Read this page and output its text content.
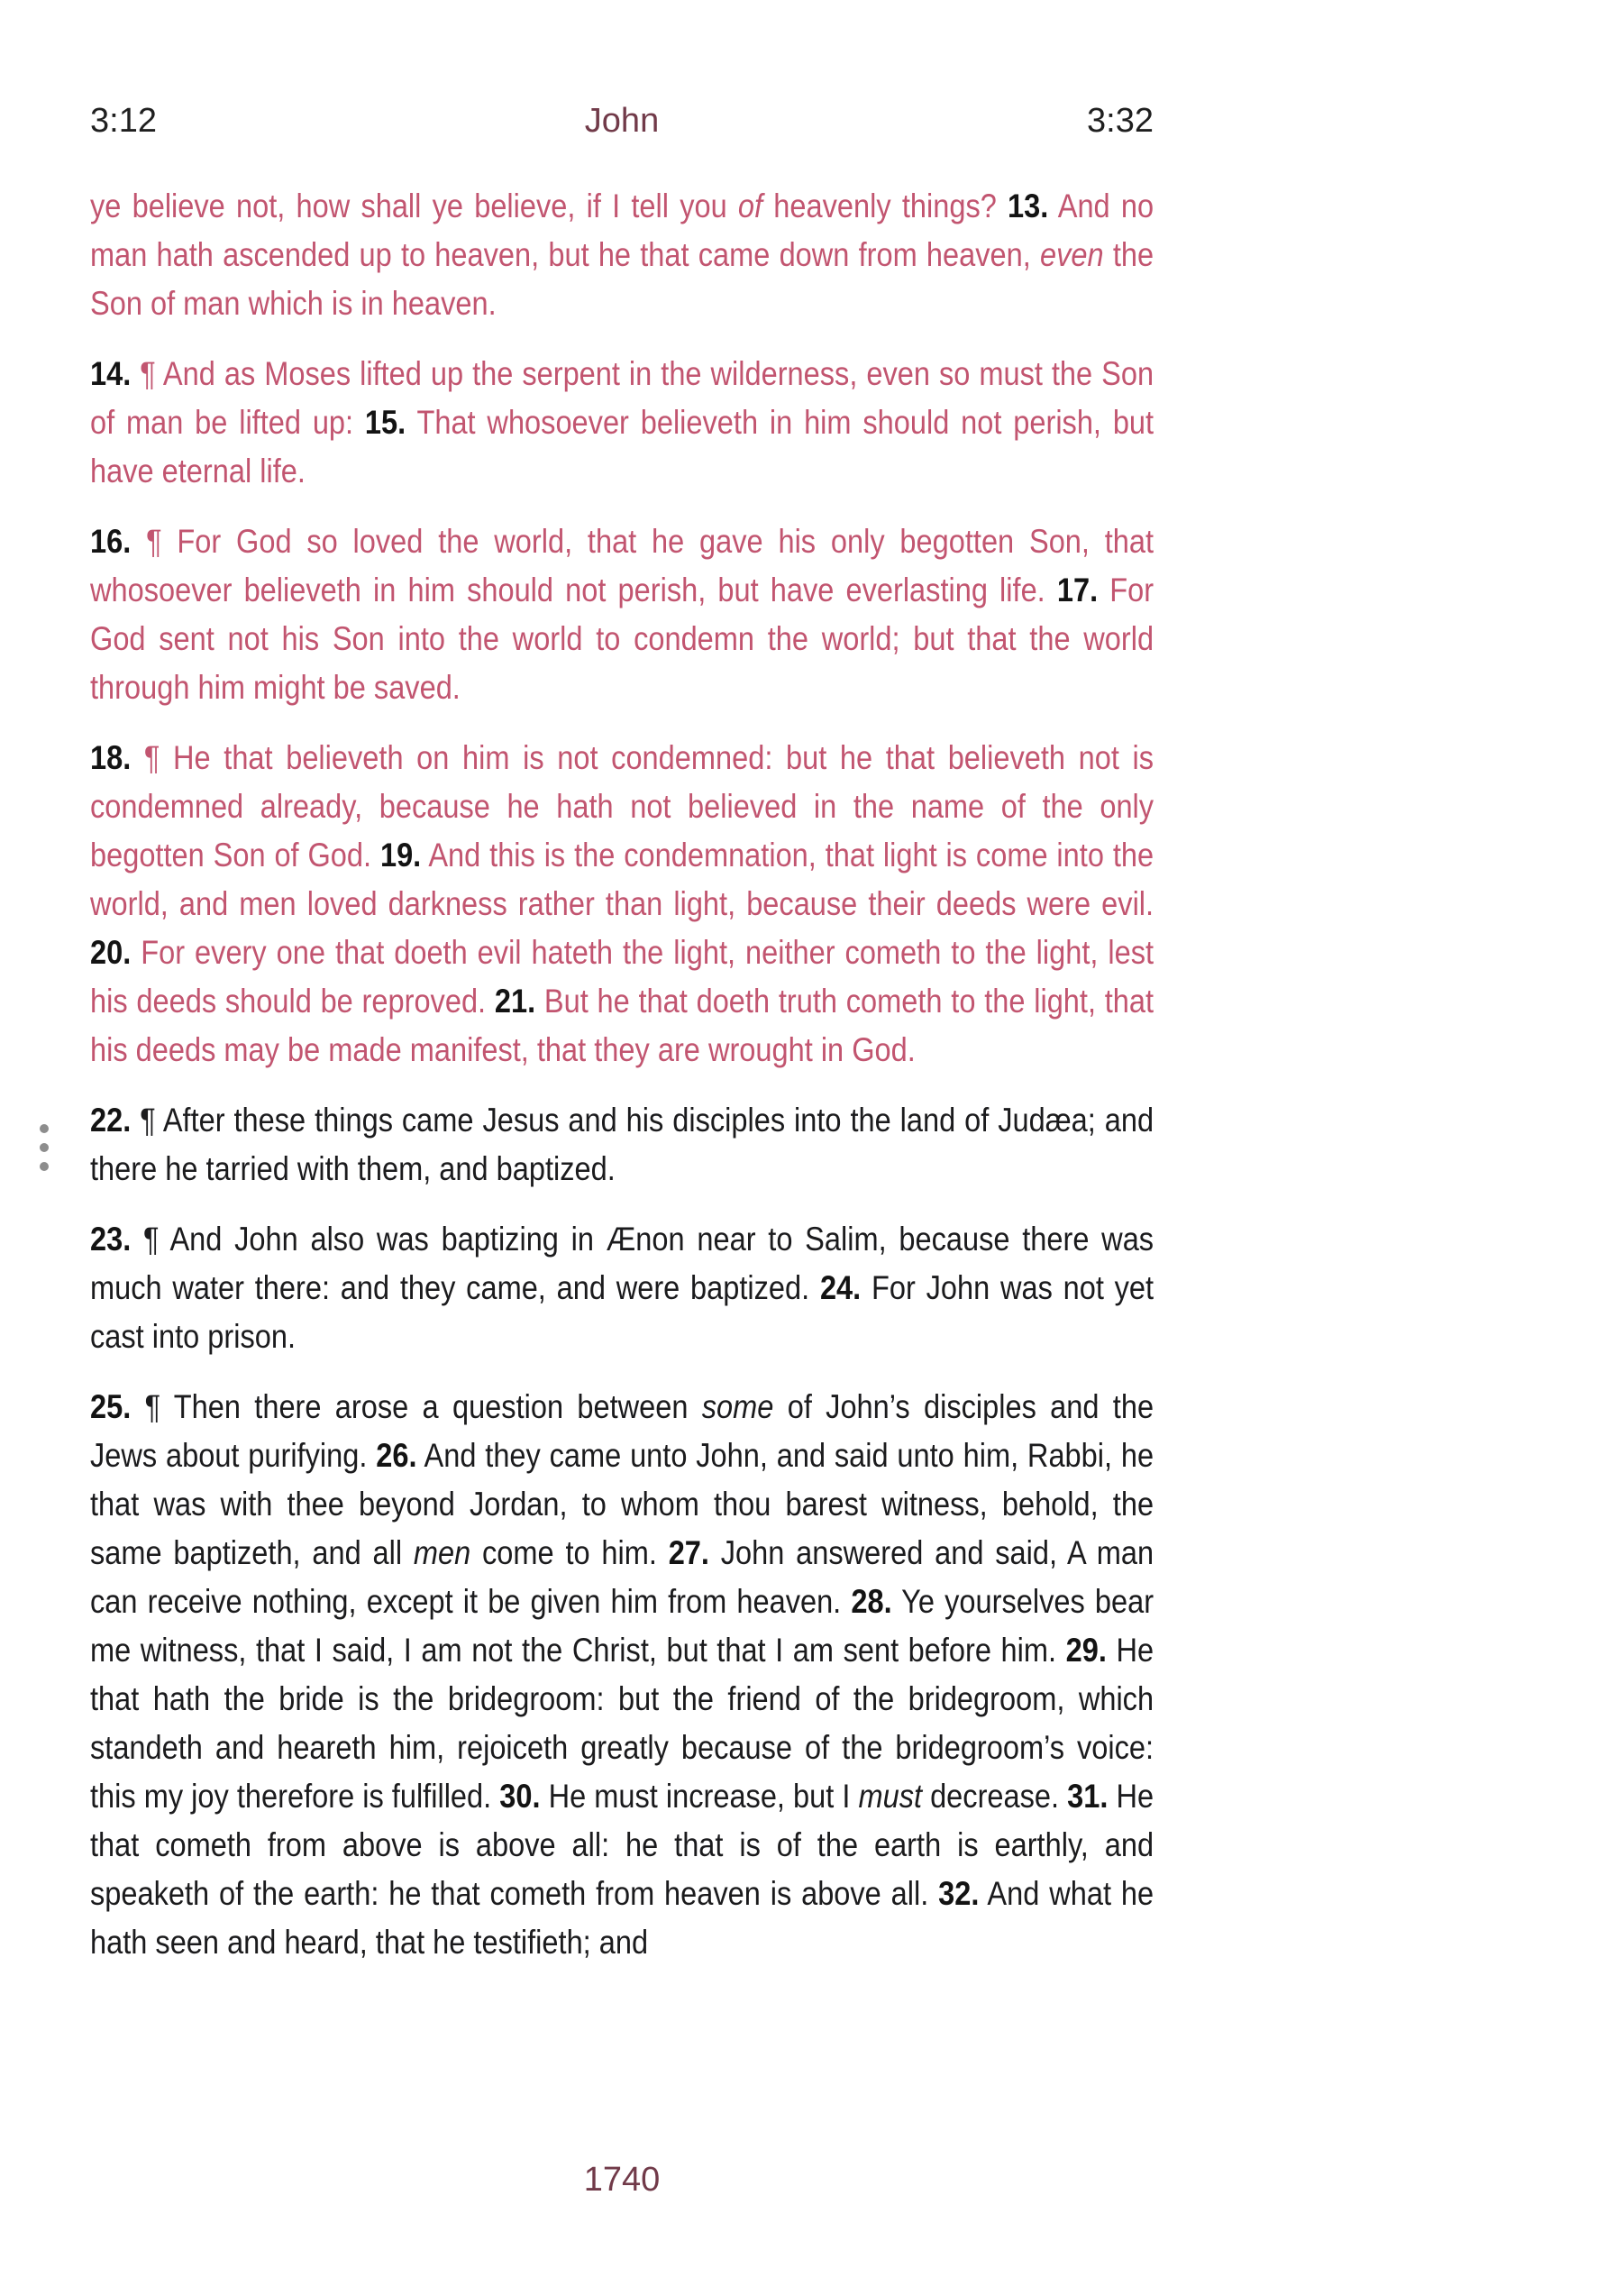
3:12	John	3:32

ye believe not, how shall ye believe, if I tell you of heavenly things? 13. And no man hath ascended up to heaven, but he that came down from heaven, even the Son of man which is in heaven.

14. ¶ And as Moses lifted up the serpent in the wilderness, even so must the Son of man be lifted up: 15. That whosoever believeth in him should not perish, but have eternal life.

16. ¶ For God so loved the world, that he gave his only begotten Son, that whosoever believeth in him should not perish, but have everlasting life. 17. For God sent not his Son into the world to condemn the world; but that the world through him might be saved.

18. ¶ He that believeth on him is not condemned: but he that believeth not is condemned already, because he hath not believed in the name of the only begotten Son of God. 19. And this is the condemnation, that light is come into the world, and men loved darkness rather than light, because their deeds were evil. 20. For every one that doeth evil hateth the light, neither cometh to the light, lest his deeds should be reproved. 21. But he that doeth truth cometh to the light, that his deeds may be made manifest, that they are wrought in God.

22. ¶ After these things came Jesus and his disciples into the land of Judæa; and there he tarried with them, and baptized.

23. ¶ And John also was baptizing in Ænon near to Salim, because there was much water there: and they came, and were baptized. 24. For John was not yet cast into prison.

25. ¶ Then there arose a question between some of John’s disciples and the Jews about purifying. 26. And they came unto John, and said unto him, Rabbi, he that was with thee beyond Jordan, to whom thou barest witness, behold, the same baptizeth, and all men come to him. 27. John answered and said, A man can receive nothing, except it be given him from heaven. 28. Ye yourselves bear me witness, that I said, I am not the Christ, but that I am sent before him. 29. He that hath the bride is the bridegroom: but the friend of the bridegroom, which standeth and heareth him, rejoiceth greatly because of the bridegroom’s voice: this my joy therefore is fulfilled. 30. He must increase, but I must decrease. 31. He that cometh from above is above all: he that is of the earth is earthly, and speaketh of the earth: he that cometh from heaven is above all. 32. And what he hath seen and heard, that he testifieth; and

1740
